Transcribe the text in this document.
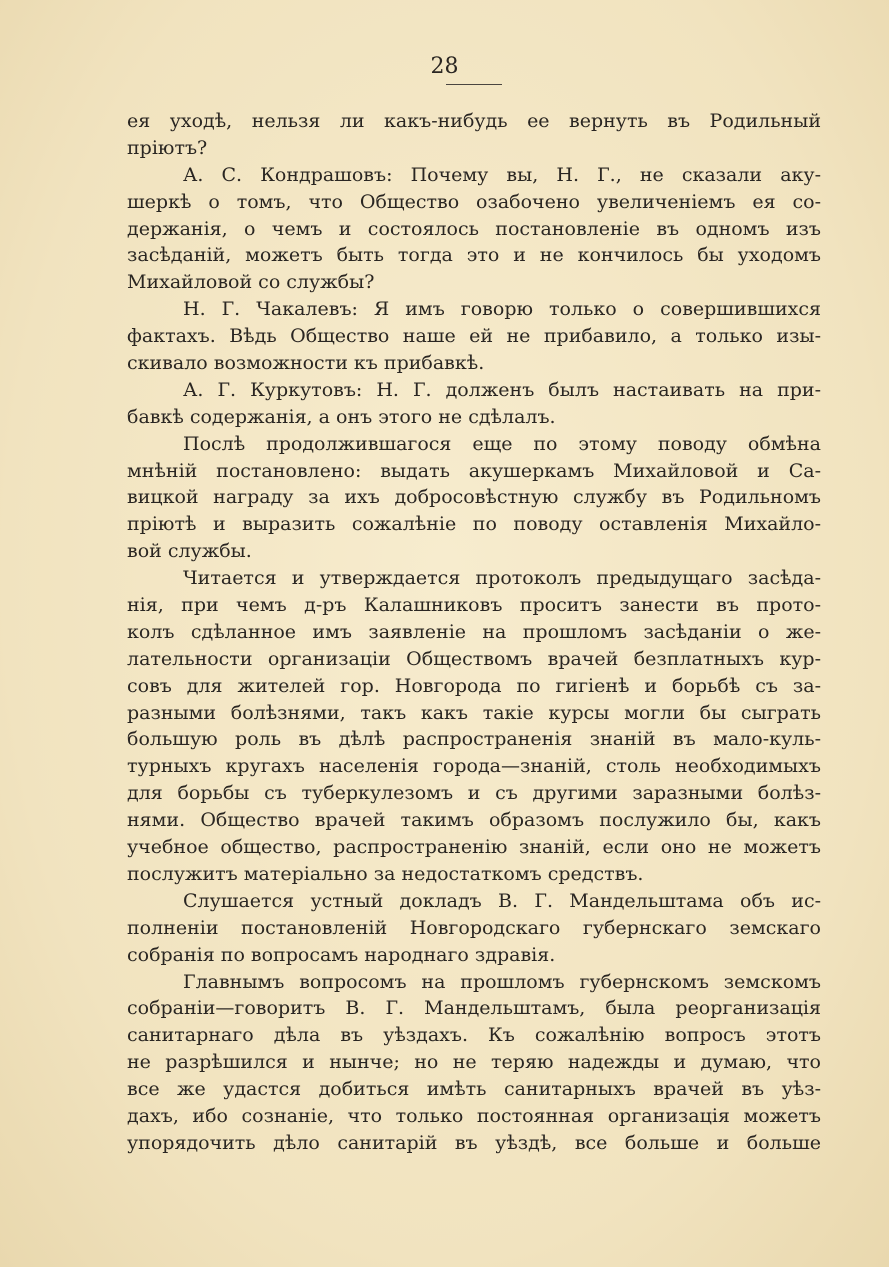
28
ея уходѣ, нельзя ли какъ-нибудь ее вернуть въ Родильный
пріютъ?
А. С. Кондрашовъ: Почему вы, Н. Г., не сказали аку-
шеркѣ о томъ, что Общество озабочено увеличеніемъ ея со-
держанія, о чемъ и состоялось постановленіе въ одномъ изъ
засѣданій, можетъ быть тогда это и не кончилось бы уходомъ
Михайловой со службы?
Н. Г. Чакалевъ: Я имъ говорю только о совершившихся
фактахъ. Вѣдь Общество наше ей не прибавило, а только изы-
скивало возможности къ прибавкѣ.
А. Г. Куркутовъ: Н. Г. долженъ былъ настаивать на при-
бавкѣ содержанія, а онъ этого не сдѣлалъ.
Послѣ продолжившагося еще по этому поводу обмѣна
мнѣній постановлено: выдать акушеркамъ Михайловой и Са-
вицкой награду за ихъ добросовѣстную службу въ Родильномъ
пріютѣ и выразить сожалѣніе по поводу оставленія Михайло-
вой службы.
Читается и утверждается протоколъ предыдущаго засѣда-
нія, при чемъ д-ръ Калашниковъ проситъ занести въ прото-
колъ сдѣланное имъ заявленіе на прошломъ засѣданіи о же-
лательности организаціи Обществомъ врачей безплатныхъ кур-
совъ для жителей гор. Новгорода по гигіенѣ и борьбѣ съ за-
разными болѣзнями, такъ какъ такіе курсы могли бы сыграть
большую роль въ дѣлѣ распространенія знаній въ мало-куль-
турныхъ кругахъ населенія города—знаній, столь необходимыхъ
для борьбы съ туберкулезомъ и съ другими заразными болѣз-
нями. Общество врачей такимъ образомъ послужило бы, какъ
учебное общество, распространенію знаній, если оно не можетъ
послужитъ матеріально за недостаткомъ средствъ.
Слушается устный докладъ В. Г. Мандельштама объ ис-
полненіи постановленій Новгородскаго губернскаго земскаго
собранія по вопросамъ народнаго здравія.
Главнымъ вопросомъ на прошломъ губернскомъ земскомъ
собраніи—говоритъ В. Г. Мандельштамъ, была реорганизація
санитарнаго дѣла въ уѣздахъ. Къ сожалѣнію вопросъ этотъ
не разрѣшился и нынче; но не теряю надежды и думаю, что
все же удастся добиться имѣть санитарныхъ врачей въ уѣз-
дахъ, ибо сознаніе, что только постоянная организація можетъ
упорядочить дѣло санитарій въ уѣздѣ, все больше и больше
